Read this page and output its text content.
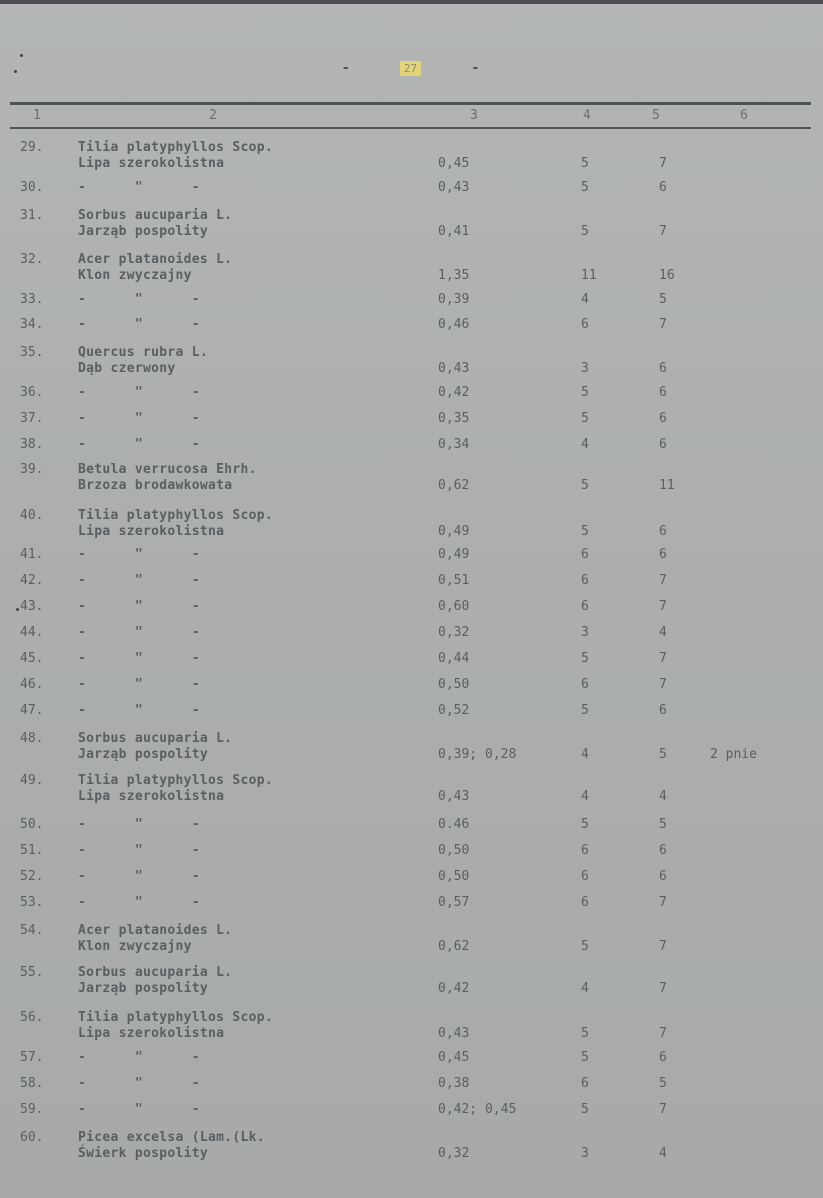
-	27	-
1	2	3	4	5	6
29.	Tilia platyphyllos Scop.
Lipa szerokolistna	0,45	5	7
30.	-      "      -	0,43	5	6
31.	Sorbus aucuparia L.
Jarząb pospolity	0,41	5	7
32.	Acer platanoides L.
Klon zwyczajny	1,35	11	16
33.	-      "      -	0,39	4	5
34.	-      "      -	0,46	6	7
35.	Quercus rubra L.
Dąb czerwony	0,43	3	6
36.	-      "      -	0,42	5	6
37.	-      "      -	0,35	5	6
38.	-      "      -	0,34	4	6
39.	Betula verrucosa Ehrh.
Brzoza brodawkowata	0,62	5	11
40.	Tilia platyphyllos Scop.
Lipa szerokolistna	0,49	5	6
41.	-      "      -	0,49	6	6
42.	-      "      -	0,51	6	7
43.	-      "      -	0,60	6	7
44.	-      "      -	0,32	3	4
45.	-      "      -	0,44	5	7
46.	-      "      -	0,50	6	7
47.	-      "      -	0,52	5	6
48.	Sorbus aucuparia L.
Jarząb pospolity	0,39; 0,28	4	5	2 pnie
49.	Tilia platyphyllos Scop.
Lipa szerokolistna	0,43	4	4
50.	-      "      -	0.46	5	5
51.	-      "      -	0,50	6	6
52.	-      "      -	0,50	6	6
53.	-      "      -	0,57	6	7
54.	Acer platanoides L.
Klon zwyczajny	0,62	5	7
55.	Sorbus aucuparia L.
Jarząb pospolity	0,42	4	7
56.	Tilia platyphyllos Scop.
Lipa szerokolistna	0,43	5	7
57.	-      "      -	0,45	5	6
58.	-      "      -	0,38	6	5
59.	-      "      -	0,42; 0,45	5	7
60.	Picea excelsa (Lam.(Lk.
Świerk pospolity	0,32	3	4
